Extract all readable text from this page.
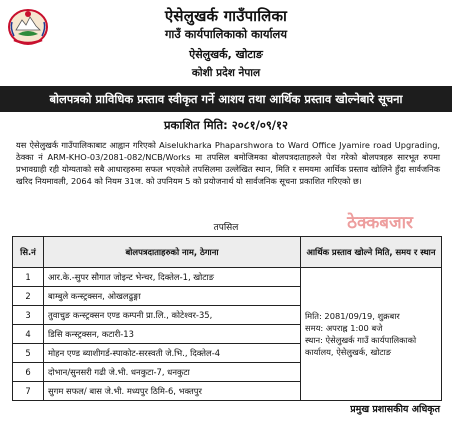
ऐसेलुखर्क गाउँपालिका
गाउँ कार्यपालिकाको कार्यालय
ऐसेलुखर्क, खोटाङ
कोशी प्रदेश नेपाल
बोलपत्रको प्राविधिक प्रस्ताव स्वीकृत गर्ने आशय तथा आर्थिक प्रस्ताव खोल्नेबारे सूचना
प्रकाशित मिति: २०८१/०९/१२
यस ऐसेलुखर्क गाउँपालिकाबाट आह्वान गरिएको Aiselukharka Phaparshwora to Ward Office Jyamire road Upgrading, ठेक्का नं ARM-KHO-03/2081-082/NCB/Works मा तपसिल बमोजिमका बोलपत्रदाताहरुले पेश गरेको बोलपत्रहरु सारभूत रुपमा प्रभावग्राही रही योग्यताको सबै आधारहरुमा सफल भएकोले तपसिलमा उल्लेखित स्थान, मिति र समयमा आर्थिक प्रस्ताव खोलिने हुँदा सार्वजनिक खरिद नियमावली, 2064 को नियम 31ज. को उपनियम 5 को प्रयोजनार्थ यो सार्वजनिक सूचना प्रकाशित गरिएको छ।
तपसिल	ठेक्कबजार
सि.नं	बोलपत्रदाताहरुको नाम, ठेगाना	आर्थिक प्रस्ताव खोल्ने मिति, समय र स्थान
1	आर.के.-सुपर सौगात जोइन्ट भेन्चर, दिक्तेल-1, खोटाङ	मिति: 2081/09/19, शुक्रबार
समय: अपराह्न 1:00 बजे
स्थान: ऐसेलुखर्क गाउँ कार्यपालिकाको कार्यालय, ऐसेलुखर्क, खोटाङ

2	बाम्बुले कन्स्ट्रक्सन, ओखलढुङ्गा	
3	तुवाचुङ कन्स्ट्रक्सन एण्ड कम्पनी प्रा.लि., कोटेश्वर-35,	
4	डिसि कन्स्ट्रक्सन, कटारी-13	
5	मोहन एण्ड ब्याशीगर्ड-स्पाकोट-सरस्वती जे.भि., दिक्तेल-4	
6	दोभान/सुनसरी गढी जे.भी. धनकुटा-7, धनकुटा	
7	सुगम सफल/ बास जे.भी. मध्यपुर ठिमि-6, भक्तपुर	
प्रमुख प्रशासकीय अधिकृत
